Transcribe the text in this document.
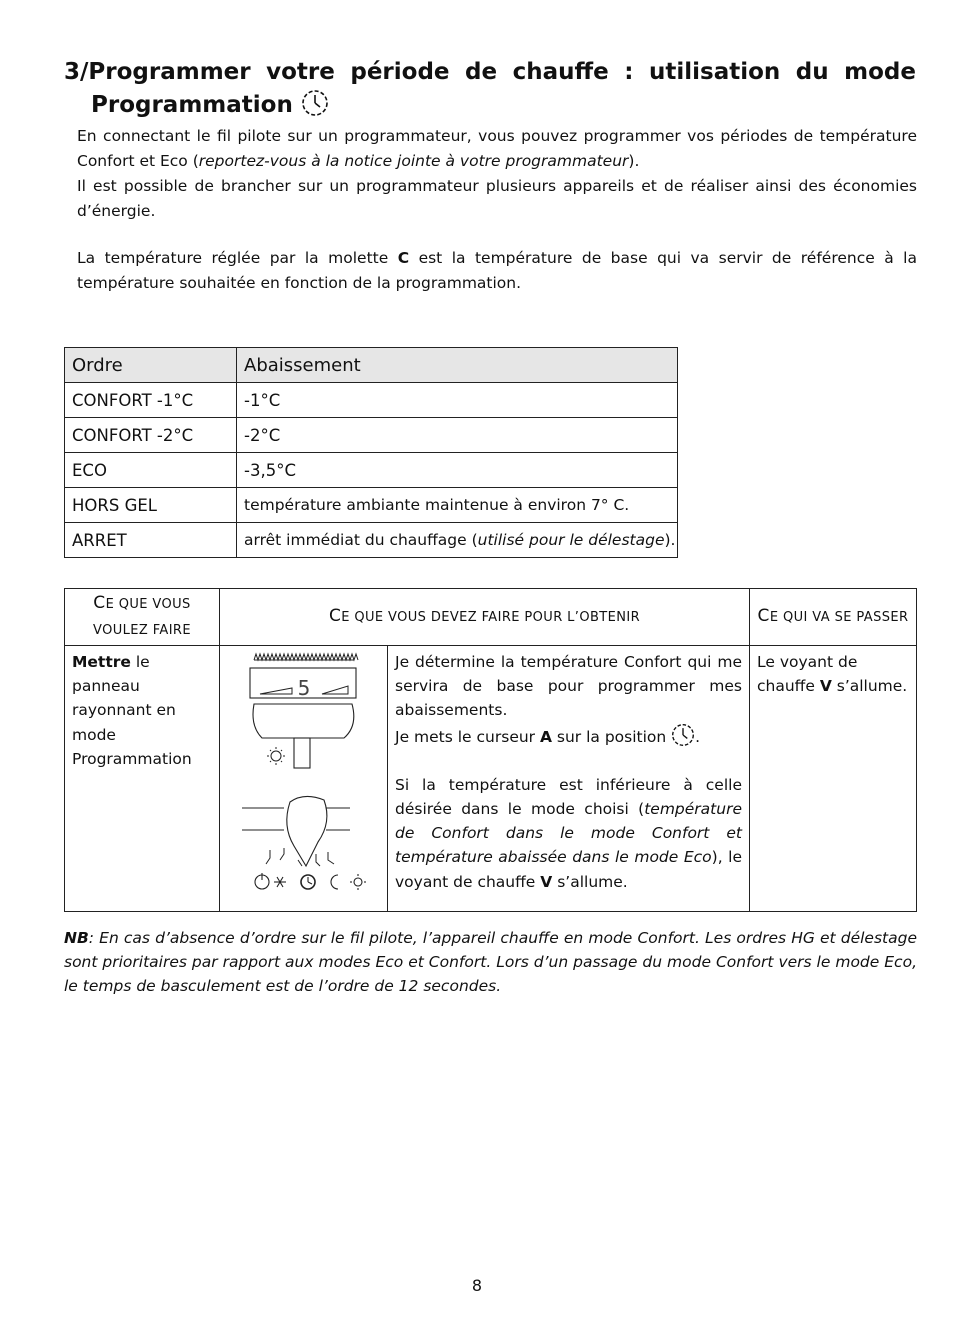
3/Programmer votre période de chauffe : utilisation du mode
Programmation

En connectant le fil pilote sur un programmateur, vous pouvez programmer vos périodes de température Confort et Eco (reportez-vous à la notice jointe à votre programmateur).

Il est possible de brancher sur un programmateur plusieurs appareils et de réaliser ainsi des économies d’énergie.

La température réglée par la molette C est la température de base qui va servir de référence à la température souhaitée en fonction de la programmation.

Ordre	Abaissement
CONFORT -1°C	-1°C
CONFORT -2°C	-2°C
ECO	-3,5°C
HORS GEL	température ambiante maintenue à environ 7° C.
ARRET	arrêt immédiat du chauffage (utilisé pour le délestage).
CE QUE VOUS VOULEZ FAIRE	CE QUE VOUS DEVEZ FAIRE POUR L’OBTENIR		CE QUI VA SE PASSER
Mettre le panneau rayonnant en mode Programmation	5	Je détermine la température Confort qui me servira de base pour programmer mes abaissements.
Je mets le curseur A sur la position .
Si la température est inférieure à celle désirée dans le mode choisi (température de Confort dans le mode Confort et température abaissée dans le mode Eco), le voyant de chauffe V s’allume.	Le voyant de chauffe V s’allume.

NB: En cas d’absence d’ordre sur le fil pilote, l’appareil chauffe en mode Confort. Les ordres HG et délestage sont prioritaires par rapport aux modes Eco et Confort. Lors d’un passage du mode Confort vers le mode Eco, le temps de basculement est de l’ordre de 12 secondes.

8
